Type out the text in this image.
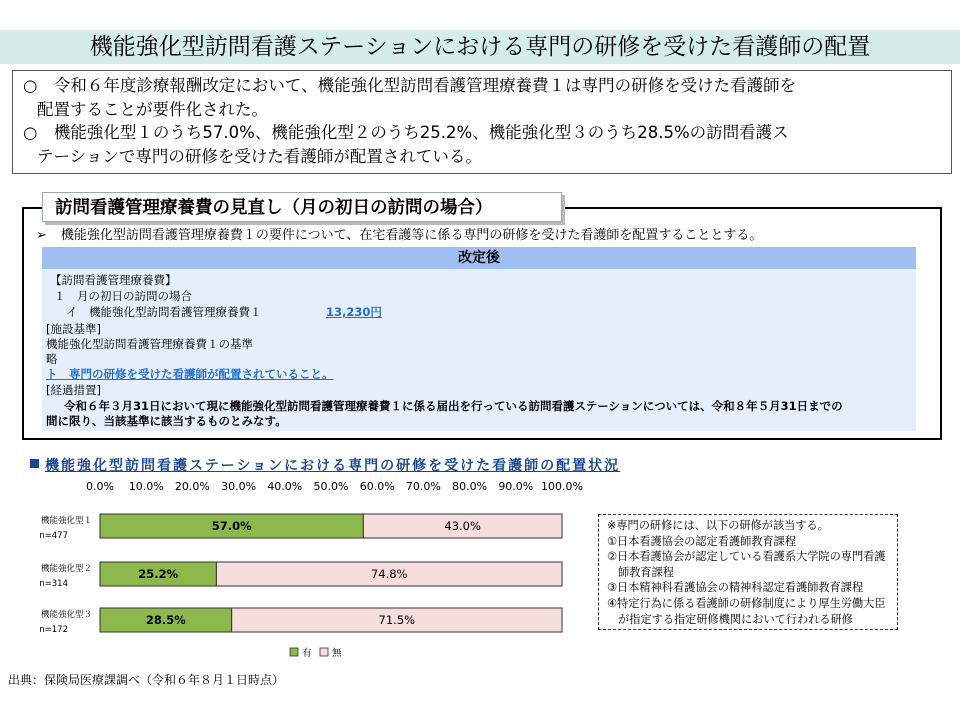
機能強化型訪問看護ステーションにおける専門の研修を受けた看護師の配置
○　令和６年度診療報酬改定において、機能強化型訪問看護管理療養費１は専門の研修を受けた看護師を
配置することが要件化された。
○　機能強化型１のうち57.0%、機能強化型２のうち25.2%、機能強化型３のうち28.5%の訪問看護ス
テーションで専門の研修を受けた看護師が配置されている。
訪問看護管理療養費の見直し（月の初日の訪問の場合）
➢ 機能強化型訪問看護管理療養費１の要件について、在宅看護等に係る専門の研修を受けた看護師を配置することとする。
改定後
【訪問看護管理療養費】
１　月の初日の訪問の場合
イ　機能強化型訪問看護管理療養費１	13,230円
[施設基準]
機能強化型訪問看護管理療養費１の基準
略
ト　専門の研修を受けた看護師が配置されていること。
[経過措置]
令和６年３月31日において現に機能強化型訪問看護管理療養費１に係る届出を行っている訪問看護ステーションについては、令和８年５月31日までの
間に限り、当該基準に該当するものとみなす。
機能強化型訪問看護ステーションにおける専門の研修を受けた看護師の配置状況
0.0% 10.0% 20.0% 30.0% 40.0% 50.0% 60.0% 70.0% 80.0% 90.0% 100.0%
機能強化型１
n=477
57.0%	43.0%
機能強化型２
n=314
25.2%	74.8%
機能強化型３
n=172
28.5%	71.5%
有 無
※専門の研修には、以下の研修が該当する。
①日本看護協会の認定看護師教育課程
②日本看護協会が認定している看護系大学院の専門看護
師教育課程
③日本精神科看護協会の精神科認定看護師教育課程
④特定行為に係る看護師の研修制度により厚生労働大臣
が指定する指定研修機関において行われる研修
出典：保険局医療課調べ（令和６年８月１日時点）
